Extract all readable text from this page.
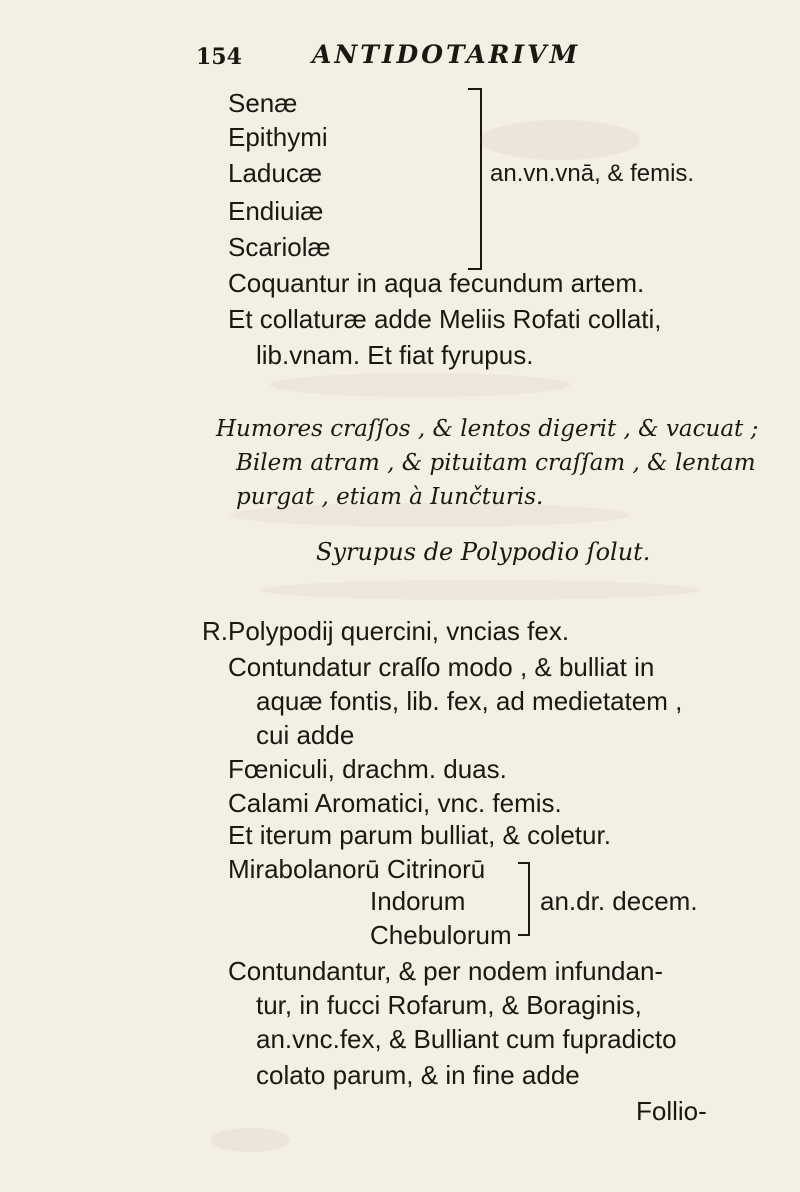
154	ANTIDOTARIVM
Senæ
Epithymi
Laducæ
Endiuiæ
Scariolæ
an.vn.vnā, & femis.
Coquantur in aqua fecundum artem.
Et collaturæ adde Meliis Rofati collati,
lib.vnam. Et fiat fyrupus.
Humores craſſos , & lentos digerit , & vacuat ;
Bilem atram , & pituitam craſſam , & lentam
purgat , etiam à Iunčturis.
Syrupus de Polypodio ſolut.
R.Polypodij quercini, vncias fex.
Contundatur craſſo modo , & bulliat in
aquæ fontis, lib. fex, ad medietatem ,
cui adde
Fœniculi, drachm. duas.
Calami Aromatici, vnc. femis.
Et iterum parum bulliat, & coletur.
Mirabolanorū Citrinorū
Indorum	an.dr. decem.
Chebulorum
Contundantur, & per nodem infundan-
tur, in fucci Rofarum, & Boraginis,
an.vnc.fex, & Bulliant cum fupradicto
colato parum, & in fine adde
Follio-
